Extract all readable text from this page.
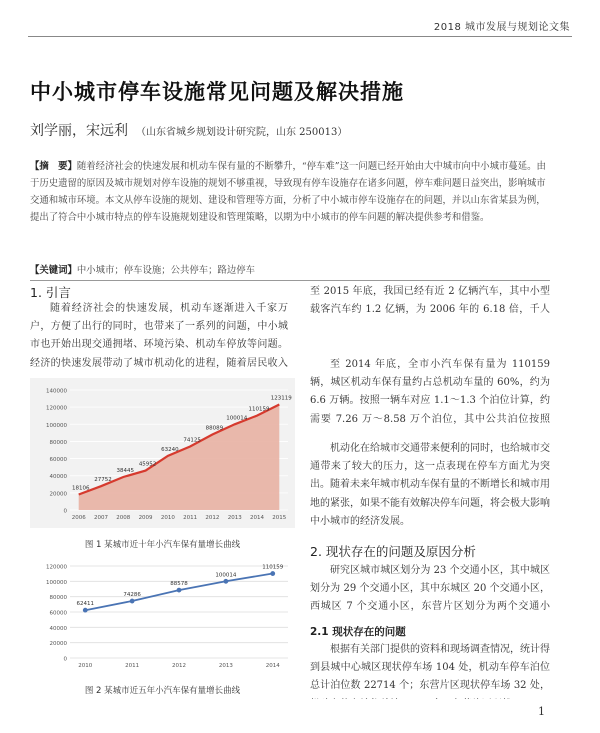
2018 城市发展与规划论文集
中小城市停车设施常见问题及解决措施
刘学丽，宋远利 （山东省城乡规划设计研究院，山东 250013）
【摘　要】随着经济社会的快速发展和机动车保有量的不断攀升，“停车难”这一问题已经开始由大中城市向中小城市蔓延。由于历史遗留的原因及城市规划对停车设施的规划不够重视，导致现有停车设施存在诸多问题，停车难问题日益突出，影响城市交通和城市环境。本文从停车设施的规划、建设和管理等方面，分析了中小城市停车设施存在的问题，并以山东省某县为例，提出了符合中小城市特点的停车设施规划建设和管理策略，以期为中小城市的停车问题的解决提供参考和借鉴。
【关键词】中小城市；停车设施；公共停车；路边停车
1. 引言
随着经济社会的快速发展，机动车逐渐进入千家万户，方便了出行的同时，也带来了一系列的问题，中小城市也开始出现交通拥堵、环境污染、机动车停放等问题。经济的快速发展带动了城市机动化的进程，随着居民收入
0
20000
40000
60000
80000
100000
120000
140000
2006 2007 2008 2009 2010 2011 2012 2013 2014 2015
18106
27752
38445
45952
63240
74125
88089
100014
110159
123119
图 1 某城市近十年小汽车保有量增长曲线
0
20000
40000
60000
80000
100000
120000
2010	2011	2012	2013	2014
62411
74286
88578
100014
110159
图 2 某城市近五年小汽车保有量增长曲线
至 2015 年底，我国已经有近 2 亿辆汽车，其中小型载客汽车约 1.2 亿辆，为 2006 年的 6.18 倍，千人
至 2014 年底，全市小汽车保有量为 110159 辆，城区机动车保有量约占总机动车量的 60%，约为 6.6 万辆。按照一辆车对应 1.1～1.3 个泊位计算，约需要 7.26 万～8.58 万个泊位，其中公共泊位按照
机动化在给城市交通带来便利的同时，也给城市交通带来了较大的压力，这一点表现在停车方面尤为突出。随着未来年城市机动车保有量的不断增长和城市用地的紧张，如果不能有效解决停车问题，将会极大影响中小城市的经济发展。
2. 现状存在的问题及原因分析
研究区城市城区划分为 23 个交通小区，其中城区划分为 29 个交通小区，其中东城区 20 个交通小区，西城区 7 个交通小区，东营片区划分为两个交通小
2.1 现状存在的问题
根据有关部门提供的资料和现场调查情况，统计得到县城中心城区现状停车场 104 处，机动车停车泊位总计泊位数 22714 个；东营片区现状停车场 32 处，
1
